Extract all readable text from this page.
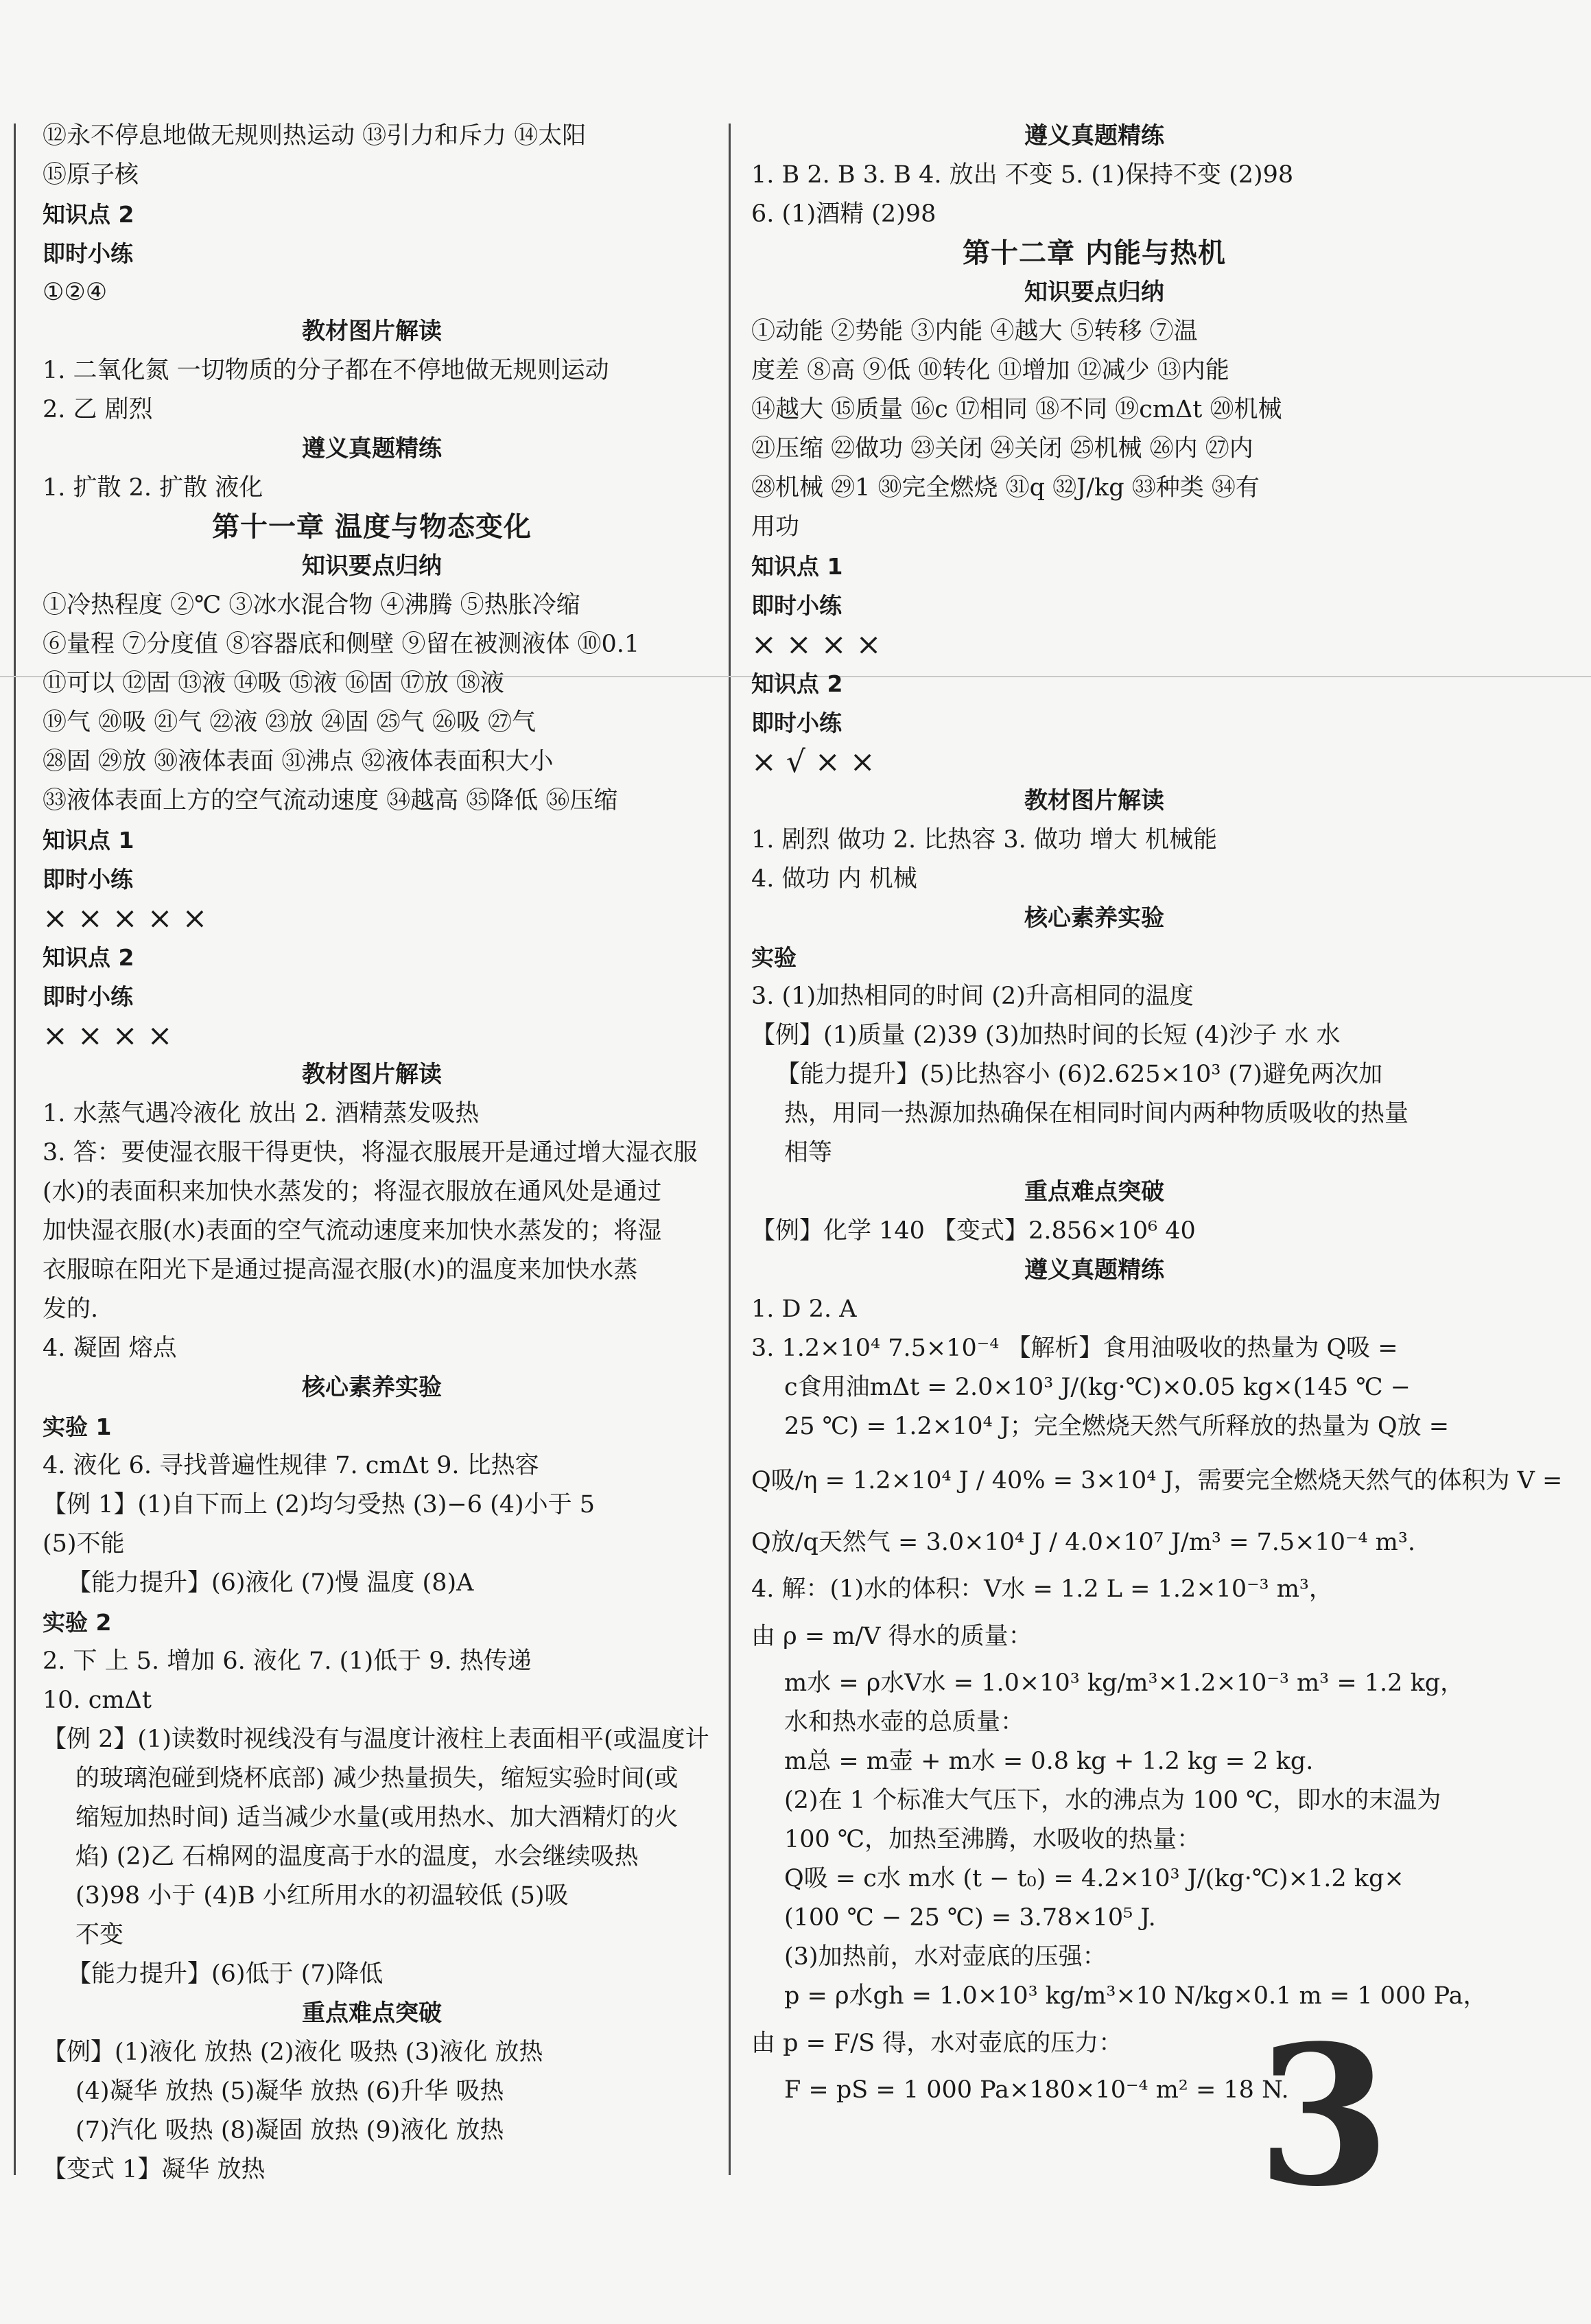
⑫永不停息地做无规则热运动 ⑬引力和斥力 ⑭太阳
⑮原子核
知识点 2
即时小练
①②④
教材图片解读
1. 二氧化氮 一切物质的分子都在不停地做无规则运动
2. 乙 剧烈
遵义真题精练
1. 扩散 2. 扩散 液化
第十一章 温度与物态变化
知识要点归纳
①冷热程度 ②℃ ③冰水混合物 ④沸腾 ⑤热胀冷缩
⑥量程 ⑦分度值 ⑧容器底和侧壁 ⑨留在被测液体 ⑩0.1
⑪可以 ⑫固 ⑬液 ⑭吸 ⑮液 ⑯固 ⑰放 ⑱液
⑲气 ⑳吸 ㉑气 ㉒液 ㉓放 ㉔固 ㉕气 ㉖吸 ㉗气
㉘固 ㉙放 ㉚液体表面 ㉛沸点 ㉜液体表面积大小
㉝液体表面上方的空气流动速度 ㉞越高 ㉟降低 ㊱压缩
知识点 1
即时小练
×××××
知识点 2
即时小练
××××
教材图片解读
1. 水蒸气遇冷液化 放出 2. 酒精蒸发吸热
3. 答：要使湿衣服干得更快，将湿衣服展开是通过增大湿衣服
(水)的表面积来加快水蒸发的；将湿衣服放在通风处是通过
加快湿衣服(水)表面的空气流动速度来加快水蒸发的；将湿
衣服晾在阳光下是通过提高湿衣服(水)的温度来加快水蒸
发的.
4. 凝固 熔点
核心素养实验
实验 1
4. 液化 6. 寻找普遍性规律 7. cmΔt 9. 比热容
【例 1】(1)自下而上 (2)均匀受热 (3)−6 (4)小于 5
(5)不能
【能力提升】(6)液化 (7)慢 温度 (8)A
实验 2
2. 下 上 5. 增加 6. 液化 7. (1)低于 9. 热传递
10. cmΔt
【例 2】(1)读数时视线没有与温度计液柱上表面相平(或温度计
的玻璃泡碰到烧杯底部) 减少热量损失，缩短实验时间(或
缩短加热时间) 适当减少水量(或用热水、加大酒精灯的火
焰) (2)乙 石棉网的温度高于水的温度，水会继续吸热
(3)98 小于 (4)B 小红所用水的初温较低 (5)吸
不变
【能力提升】(6)低于 (7)降低
重点难点突破
【例】(1)液化 放热 (2)液化 吸热 (3)液化 放热
(4)凝华 放热 (5)凝华 放热 (6)升华 吸热
(7)汽化 吸热 (8)凝固 放热 (9)液化 放热
【变式 1】凝华 放热
遵义真题精练
1. B 2. B 3. B 4. 放出 不变 5. (1)保持不变 (2)98
6. (1)酒精 (2)98
第十二章 内能与热机
知识要点归纳
①动能 ②势能 ③内能 ④越大 ⑤转移 ⑦温
度差 ⑧高 ⑨低 ⑩转化 ⑪增加 ⑫减少 ⑬内能
⑭越大 ⑮质量 ⑯c ⑰相同 ⑱不同 ⑲cmΔt ⑳机械
㉑压缩 ㉒做功 ㉓关闭 ㉔关闭 ㉕机械 ㉖内 ㉗内
㉘机械 ㉙1 ㉚完全燃烧 ㉛q ㉜J/kg ㉝种类 ㉞有
用功
知识点 1
即时小练
××××
知识点 2
即时小练
×√××
教材图片解读
1. 剧烈 做功 2. 比热容 3. 做功 增大 机械能
4. 做功 内 机械
核心素养实验
实验
3. (1)加热相同的时间 (2)升高相同的温度
【例】(1)质量 (2)39 (3)加热时间的长短 (4)沙子 水 水
【能力提升】(5)比热容小 (6)2.625×10³ (7)避免两次加
热，用同一热源加热确保在相同时间内两种物质吸收的热量
相等
重点难点突破
【例】化学 140 【变式】2.856×10⁶ 40
遵义真题精练
1. D 2. A
3. 1.2×10⁴ 7.5×10⁻⁴ 【解析】食用油吸收的热量为 Q吸 =
c食用油mΔt = 2.0×10³ J/(kg·℃)×0.05 kg×(145 ℃ −
25 ℃) = 1.2×10⁴ J；完全燃烧天然气所释放的热量为 Q放 =
Q吸/η = 1.2×10⁴ J / 40% = 3×10⁴ J，需要完全燃烧天然气的体积为 V =
Q放/q天然气 = 3.0×10⁴ J / 4.0×10⁷ J/m³ = 7.5×10⁻⁴ m³.
4. 解：(1)水的体积：V水 = 1.2 L = 1.2×10⁻³ m³，
由 ρ = m/V 得水的质量：
m水 = ρ水V水 = 1.0×10³ kg/m³×1.2×10⁻³ m³ = 1.2 kg，
水和热水壶的总质量：
m总 = m壶 + m水 = 0.8 kg + 1.2 kg = 2 kg.
(2)在 1 个标准大气压下，水的沸点为 100 ℃，即水的末温为
100 ℃，加热至沸腾，水吸收的热量：
Q吸 = c水 m水 (t − t₀) = 4.2×10³ J/(kg·℃)×1.2 kg×
(100 ℃ − 25 ℃) = 3.78×10⁵ J.
(3)加热前，水对壶底的压强：
p = ρ水gh = 1.0×10³ kg/m³×10 N/kg×0.1 m = 1 000 Pa，
由 p = F/S 得，水对壶底的压力：
F = pS = 1 000 Pa×180×10⁻⁴ m² = 18 N.
3
